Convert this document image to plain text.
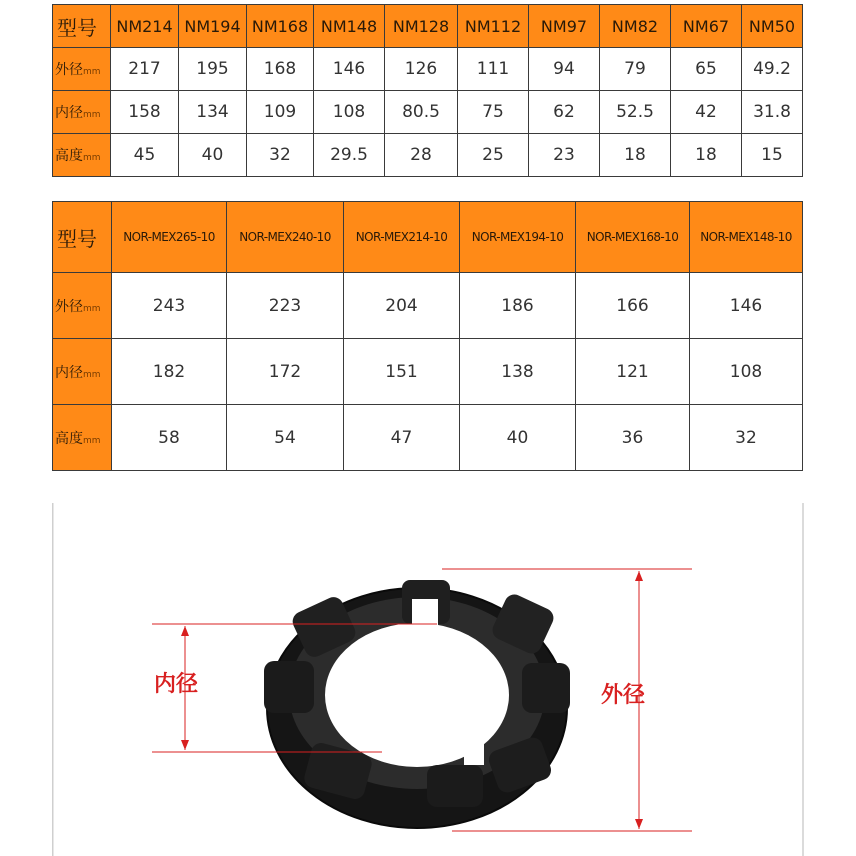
型号	NM214	NM194	NM168	NM148	NM128	NM112	NM97	NM82	NM67	NM50
外径mm	217	195	168	146	126	111	94	79	65	49.2
内径mm	158	134	109	108	80.5	75	62	52.5	42	31.8
高度mm	45	40	32	29.5	28	25	23	18	18	15
型号	NOR-MEX265-10	NOR-MEX240-10	NOR-MEX214-10	NOR-MEX194-10	NOR-MEX168-10	NOR-MEX148-10
外径mm	243	223	204	186	166	146
内径mm	182	172	151	138	121	108
高度mm	58	54	47	40	36	32
外径
内径
